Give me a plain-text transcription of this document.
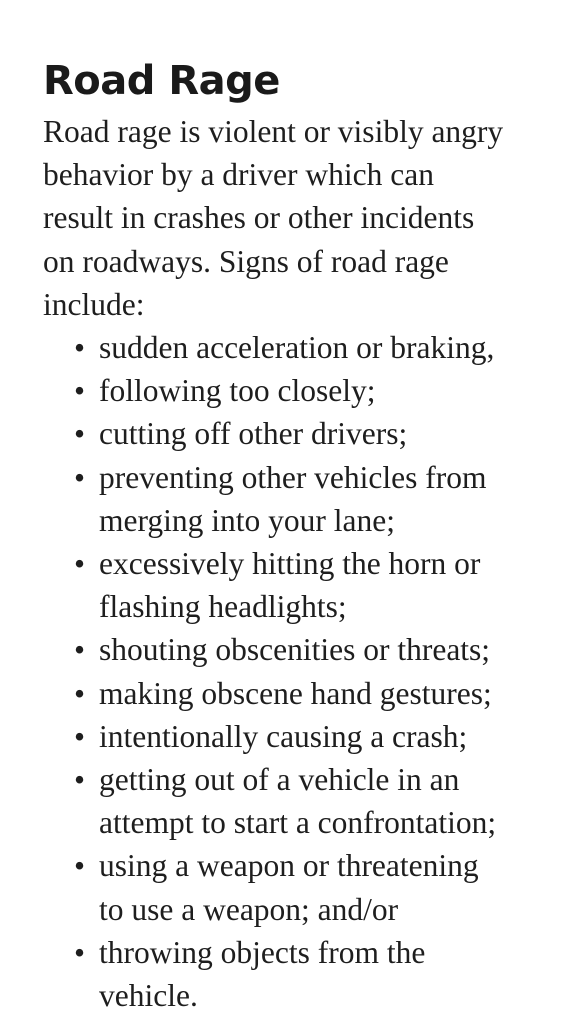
Road Rage
Road rage is violent or visibly angry
behavior by a driver which can
result in crashes or other incidents
on roadways. Signs of road rage
include:
• sudden acceleration or braking,
• following too closely;
• cutting off other drivers;
• preventing other vehicles from
merging into your lane;
• excessively hitting the horn or
flashing headlights;
• shouting obscenities or threats;
• making obscene hand gestures;
• intentionally causing a crash;
• getting out of a vehicle in an
attempt to start a confrontation;
• using a weapon or threatening
to use a weapon; and/or
• throwing objects from the
vehicle.
